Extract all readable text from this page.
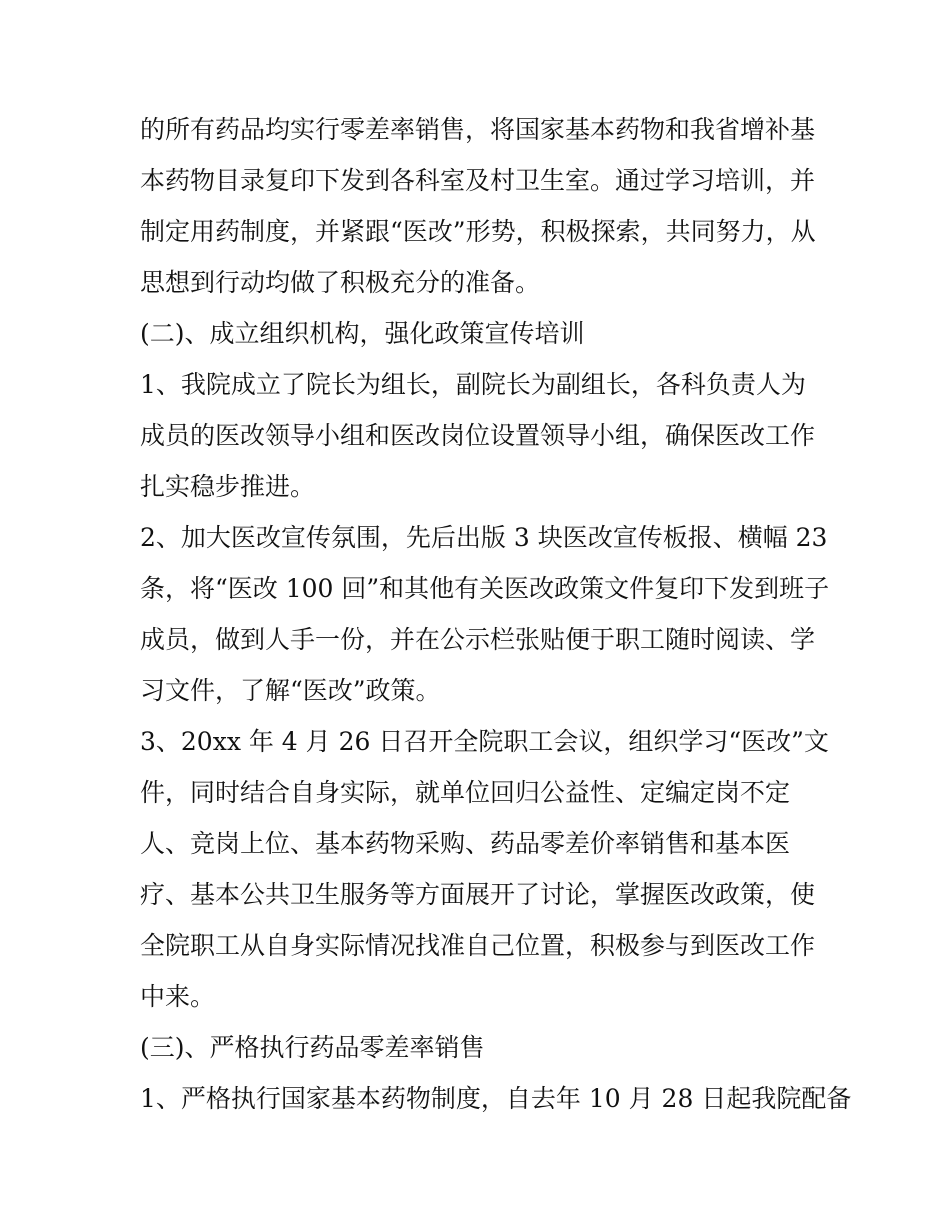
的所有药品均实行零差率销售，将国家基本药物和我省增补基
本药物目录复印下发到各科室及村卫生室。通过学习培训，并
制定用药制度，并紧跟“医改”形势，积极探索，共同努力，从
思想到行动均做了积极充分的准备。
(二)、成立组织机构，强化政策宣传培训
1、我院成立了院长为组长，副院长为副组长，各科负责人为
成员的医改领导小组和医改岗位设置领导小组，确保医改工作
扎实稳步推进。
2、加大医改宣传氛围，先后出版 3 块医改宣传板报、横幅 23
条，将“医改 100 回”和其他有关医改政策文件复印下发到班子
成员，做到人手一份，并在公示栏张贴便于职工随时阅读、学
习文件，了解“医改”政策。
3、20xx 年 4 月 26 日召开全院职工会议，组织学习“医改”文
件，同时结合自身实际，就单位回归公益性、定编定岗不定
人、竞岗上位、基本药物采购、药品零差价率销售和基本医
疗、基本公共卫生服务等方面展开了讨论，掌握医改政策，使
全院职工从自身实际情况找准自己位置，积极参与到医改工作
中来。
(三)、严格执行药品零差率销售
1、严格执行国家基本药物制度，自去年 10 月 28 日起我院配备
